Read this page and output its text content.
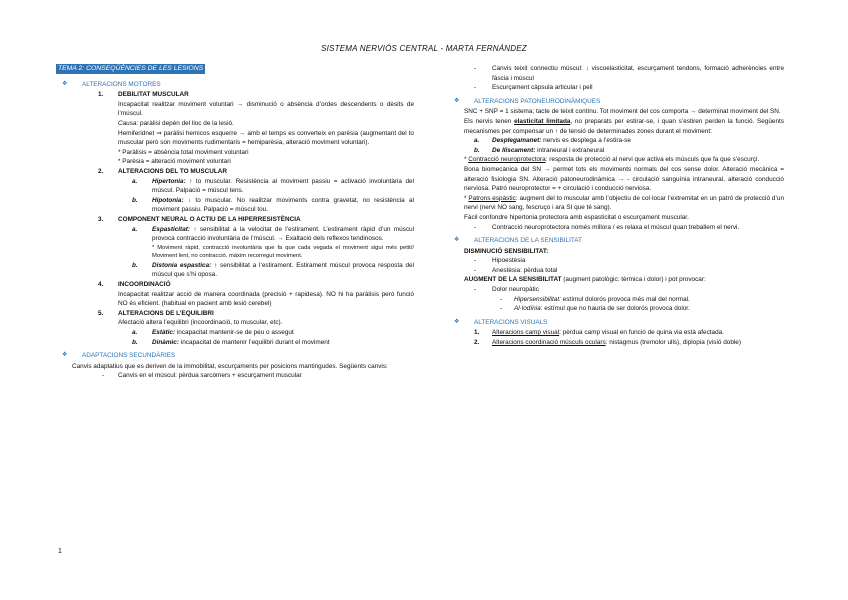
SISTEMA NERVIÓS CENTRAL - MARTA FERNÁNDEZ
TEMA 2: CONSEQÜÈNCIES DE LES LESIONS
❖ ALTERACIONS MOTORES
1. DEBILITAT MUSCULAR
Incapacitat realitzar moviment voluntari → disminució o absència d’ordes descendents o dèsits de l’múscul.
Causa: paràlisi depèn del lloc de la lesió.
Hemiferidnet ⇒ paràlisi hemicos esquerre → amb el temps es converteix en parèsia (augmentant del to muscular però son moviments rudimentaris = hemiparèsia, alteració moviment voluntari).
* Paràlisis = absència total moviment voluntari
* Parèsia = alteració moviment voluntari
2. ALTERACIONS DEL TO MUSCULAR
a. Hipertonia: ↑ to muscular. Resistència al moviment passiu = activació involuntària del múscul. Palpació = múscul tens.
b. Hipotonia: ↓ to muscular. No realitzar moviments contra gravetat, no resistència al moviment passiu. Palpació = múscul tou.
3. COMPONENT NEURAL O ACTIU DE LA HIPERRESISTÈNCIA
a. Espasticitat: ↑ sensibilitat a la velocitat de l’estirament. L’estirament ràpid d’un múscul provoca contracció involuntària de l’múscul. → Exaltació dels reflexos tendinosos.
* Moviment ràpid, contracció involuntària que fa que cada vegada el moviment sigui més petit// Moviment lent, no contracció, màxim recorregut moviment.
b. Distonia espastica: ↑ sensibilitat a l’estirament. Estirament múscul provoca resposta del múscul que s’hi oposa.
4. INCOORDINACIÓ
Incapacitat realitzar acció de manera coordinada (precisió + rapidesa). NO hi ha paràlisis però funció NO és eficient. (habitual en pacient amb lesió cerebel)
5. ALTERACIONS DE L’EQUILIBRI
Afectació altera l’equilibri (incoordinació, to muscular, etc).
a. Estàtic: incapacitat mantenir-se de peu o assegut
b. Dinàmic: incapacitat de mantenir l’equilibri durant el moviment
❖ ADAPTACIONS SECUNDÀRIES
Canvis adaptatius que es deriven de la immobilitat, escurçaments per posicions mantingudes. Següents canvis:
- Canvis en el múscul: pèrdua sarcòmers + escurçament muscular
- Canvis teixit connectiu múscul: ↓ viscoelasticitat, escurçament tendons, formació adherències entre fàscia i múscul
- Escurçament càpsula articular i pell
❖ ALTERACIONS PATONEURODINÀMIQUES
SNC + SNP = 1 sistema; tacte de teixit contínu. Tot moviment del cos comporta → determinat moviment del SN.
Els nervis tenen elasticitat limitada, no preparats per estirar-se, i quan s’estiren perden la funció. Següents mecanismes per compensar un ↑ de tensió de determinades zones durant el moviment:
a. Desplegamanet: nervis es desplega a l’estira-se
b. De lliscament: intraneural i extraneural
* Contracció neuroprotectora: resposta de protecció al nervi que activa els músculs que fa que s’escurçi.
Bona biomecànica del SN → permet tots els moviments normals del cos sense dolor. Alteració mecànica = alteració fisiologia SN. Alteració patoneurodinàmica → - circulació sanguínia intraneural, alteració conducció nerviosa. Patró neuroprotector = + circulació i conducció nerviosa.
* Patrons espàstic: augment del to muscular amb l’objectiu de col·locar l’extremitat en un patró de protecció d’un nervi (nervi NO sang, fescruço i ara SI que té sang).
Fàcil confondre hipertonia protectora amb espasticitat o escurçament muscular.
- Contracció neuroprotectora només millora / es relaxa el múscul quan treballem el nervi.
❖ ALTERACIONS DE LA SENSIBILITAT
DISMINUCIÓ SENSIBILITAT:
- Hipoestèsia
- Anestèsia: pèrdua total
AUGMENT DE LA SENSIBILITAT (augment patològic: tèrmica i dolor) i pot provocar:
- Dolor neuropàtic
- Hipersensibilitat: estímul dolorós provoca més mal del normal.
- Al·lodínia: estímul que no hauria de ser dolorós provoca dolor.
❖ ALTERACIONS VISUALS
1. Alteracions camp visual: pèrdua camp visual en funció de quina via està afectada.
2. Alteracions coordinació músculs oculars: nistagmus (tremolor ulls), diplopia (visió doble)
1
